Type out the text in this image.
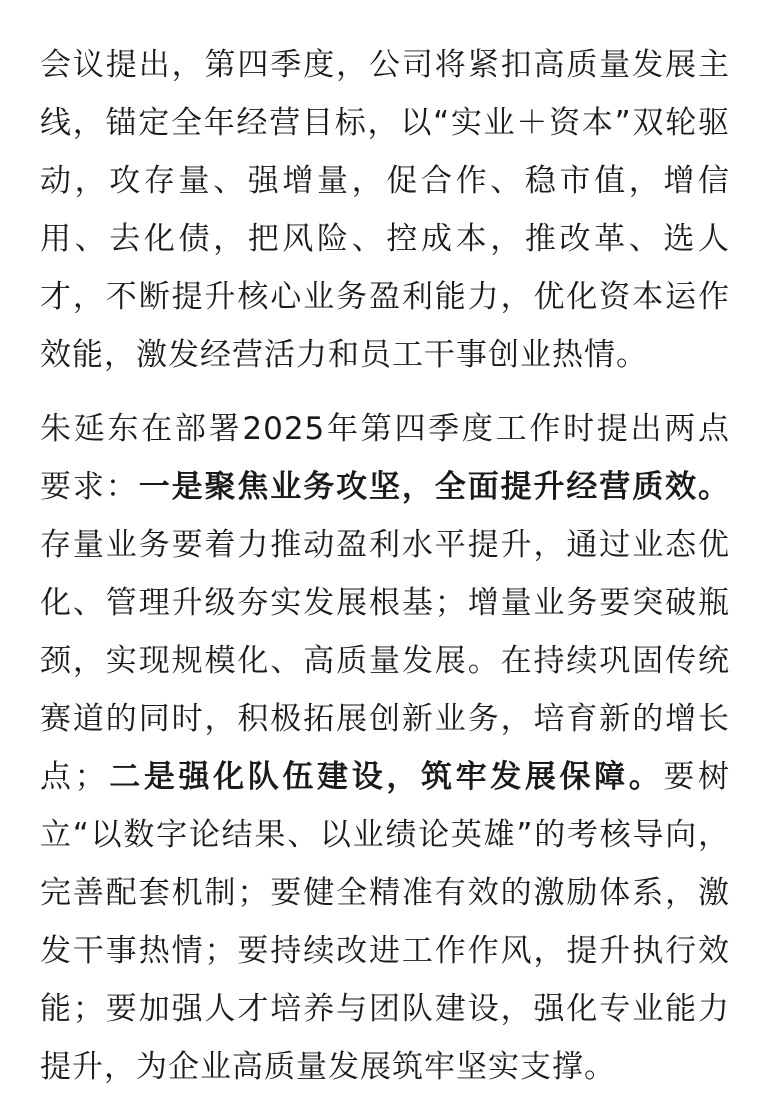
会议提出，第四季度，公司将紧扣高质量发展主线，锚定全年经营目标，以“实业＋资本”双轮驱动，攻存量、强增量，促合作、稳市值，增信用、去化债，把风险、控成本，推改革、选人才，不断提升核心业务盈利能力，优化资本运作效能，激发经营活力和员工干事创业热情。

朱延东在部署2025年第四季度工作时提出两点要求：一是聚焦业务攻坚，全面提升经营质效。存量业务要着力推动盈利水平提升，通过业态优化、管理升级夯实发展根基；增量业务要突破瓶颈，实现规模化、高质量发展。在持续巩固传统赛道的同时，积极拓展创新业务，培育新的增长点；二是强化队伍建设，筑牢发展保障。要树立“以数字论结果、以业绩论英雄”的考核导向，完善配套机制；要健全精准有效的激励体系，激发干事热情；要持续改进工作作风，提升执行效能；要加强人才培养与团队建设，强化专业能力提升，为企业高质量发展筑牢坚实支撑。
